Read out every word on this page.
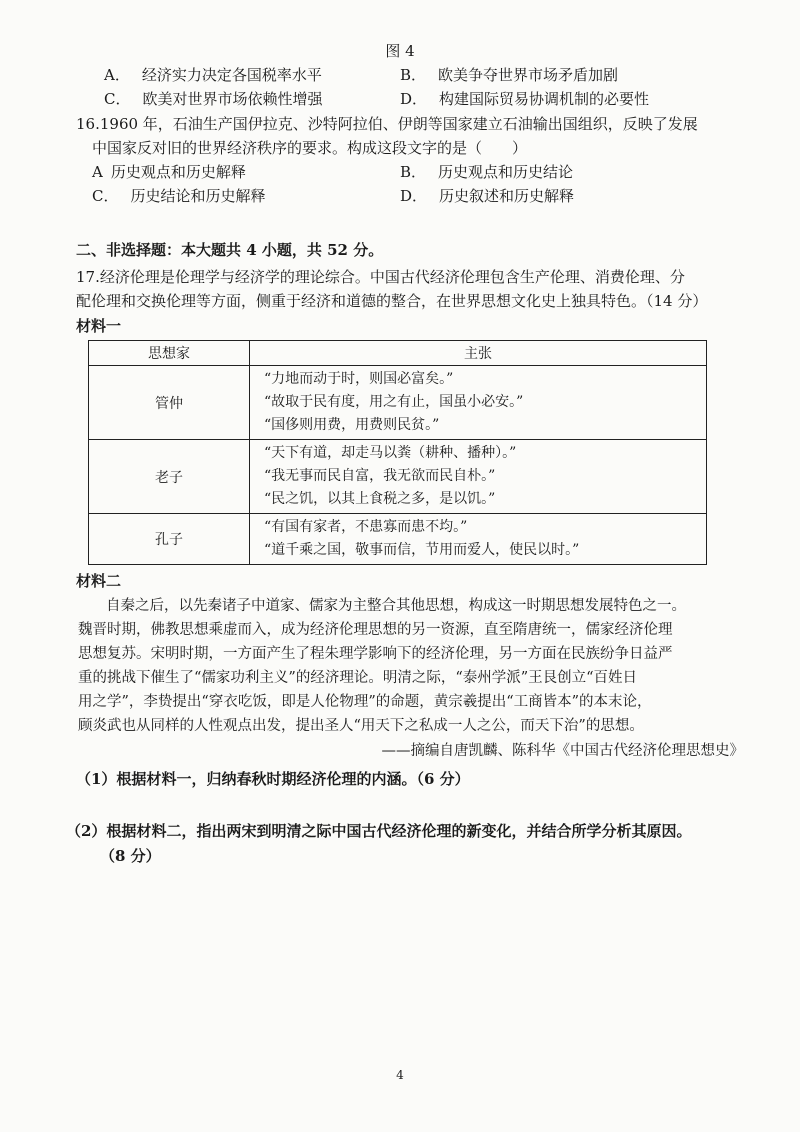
图 4
A． 经济实力决定各国税率水平	B． 欧美争夺世界市场矛盾加剧
C． 欧美对世界市场依赖性增强	D． 构建国际贸易协调机制的必要性
16.1960 年，石油生产国伊拉克、沙特阿拉伯、伊朗等国家建立石油输出国组织，反映了发展
中国家反对旧的世界经济秩序的要求。构成这段文字的是（　　）
A 历史观点和历史解释	B． 历史观点和历史结论
C． 历史结论和历史解释	D． 历史叙述和历史解释
二、非选择题：本大题共 4 小题，共 52 分。
17.经济伦理是伦理学与经济学的理论综合。中国古代经济伦理包含生产伦理、消费伦理、分
配伦理和交换伦理等方面，侧重于经济和道德的整合，在世界思想文化史上独具特色。（14 分）
材料一
思想家	主张
管仲	“力地而动于时，则国必富矣。”
“故取于民有度，用之有止，国虽小必安。”
“国侈则用费，用费则民贫。”

老子	“天下有道，却走马以粪（耕种、播种）。”
“我无事而民自富，我无欲而民自朴。”
“民之饥，以其上食税之多，是以饥。”

孔子	“有国有家者，不患寡而患不均。”
“道千乘之国，敬事而信，节用而爱人，使民以时。”
材料二
自秦之后，以先秦诸子中道家、儒家为主整合其他思想，构成这一时期思想发展特色之一。
魏晋时期，佛教思想乘虚而入，成为经济伦理思想的另一资源，直至隋唐统一，儒家经济伦理
思想复苏。宋明时期，一方面产生了程朱理学影响下的经济伦理，另一方面在民族纷争日益严
重的挑战下催生了“儒家功利主义”的经济理论。明清之际，“泰州学派”王艮创立“百姓日
用之学”，李贽提出“穿衣吃饭，即是人伦物理”的命题，黄宗羲提出“工商皆本”的本末论，
顾炎武也从同样的人性观点出发，提出圣人“用天下之私成一人之公，而天下治”的思想。
——摘编自唐凯麟、陈科华《中国古代经济伦理思想史》
（1）根据材料一，归纳春秋时期经济伦理的内涵。（6 分）
（2）根据材料二，指出两宋到明清之际中国古代经济伦理的新变化，并结合所学分析其原因。
（8 分）
4
